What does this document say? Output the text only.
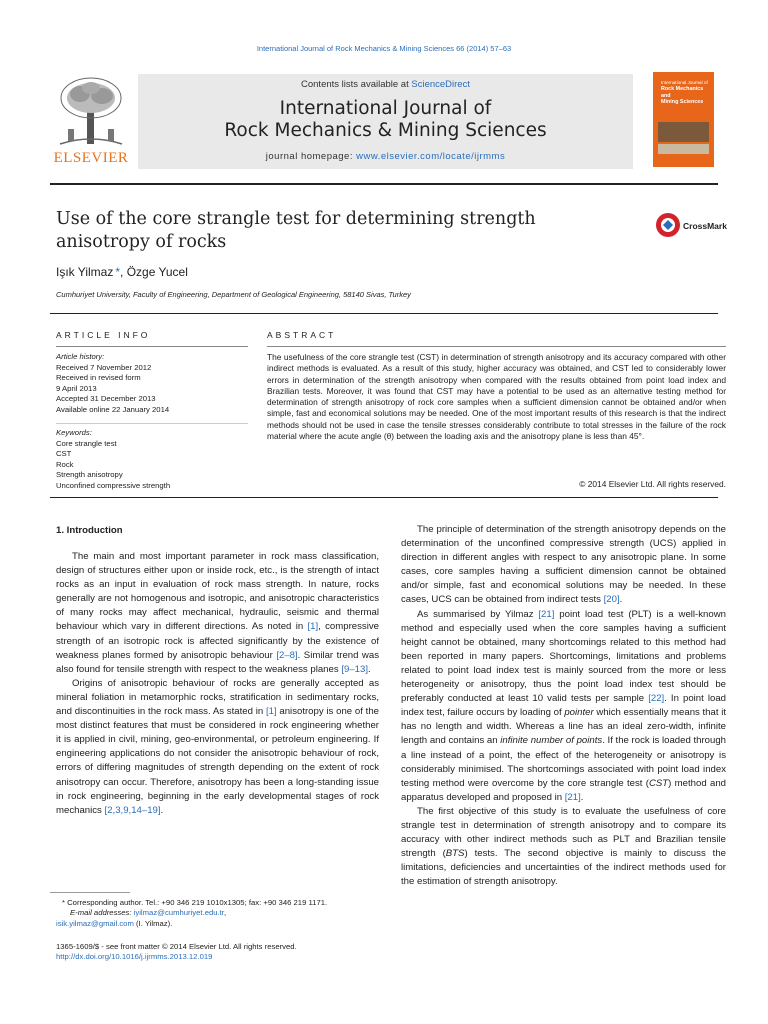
International Journal of Rock Mechanics & Mining Sciences 66 (2014) 57–63
ELSEVIER
Contents lists available at ScienceDirect
International Journal of
Rock Mechanics & Mining Sciences
journal homepage: www.elsevier.com/locate/ijrmms
International Journal of
Rock Mechanics
and
Mining Sciences
Use of the core strangle test for determining strength
anisotropy of rocks
CrossMark
Işık Yilmaz *, Özge Yucel
Cumhuriyet University, Faculty of Engineering, Department of Geological Engineering, 58140 Sivas, Turkey
ARTICLE INFO
Article history:
Received 7 November 2012
Received in revised form
9 April 2013
Accepted 31 December 2013
Available online 22 January 2014
Keywords:
Core strangle test
CST
Rock
Strength anisotropy
Unconfined compressive strength
ABSTRACT
The usefulness of the core strangle test (CST) in determination of strength anisotropy and its accuracy compared with other indirect methods is evaluated. As a result of this study, higher accuracy was obtained, and CST led to considerably lower errors in determination of the strength anisotropy when compared with the results obtained from point load index and Brazilian tests. Moreover, it was found that CST may have a potential to be used as an alternative testing method for determination of strength anisotropy of rock core samples when a sufficient dimension cannot be obtained and/or when simple, fast and economical solutions may be needed. One of the most important results of this research is that the indirect methods should not be used in case the tensile stresses considerably contribute to total stresses in the failure of the rock material where the acute angle (θ) between the loading axis and the anisotropy plane is less than 45°.
© 2014 Elsevier Ltd. All rights reserved.
1. Introduction

The main and most important parameter in rock mass classification, design of structures either upon or inside rock, etc., is the strength of intact rocks as an input in evaluation of rock mass strength. In nature, rocks generally are not homogenous and isotropic, and anisotropic characteristics of many rocks may affect mechanical, hydraulic, seismic and thermal behaviour which vary in different directions. As noted in [1], compressive strength of an isotropic rock is affected significantly by the existence of weakness planes formed by anisotropic behaviour [2–8]. Similar trend was also found for tensile strength with respect to the weakness planes [9–13].

Origins of anisotropic behaviour of rocks are generally accepted as mineral foliation in metamorphic rocks, stratification in sedimentary rocks, and discontinuities in the rock mass. As stated in [1] anisotropy is one of the most distinct features that must be considered in rock engineering whether it is applied in civil, mining, geo-environmental, or petroleum engineering. If engineering applications do not consider the anisotropic behaviour of rock, errors of differing magnitudes of strength depending on the extent of rock anisotropy can occur. Therefore, anisotropy has been a long-standing issue in rock engineering, beginning in the early developmental stages of rock mechanics [2,3,9,14–19].

The principle of determination of the strength anisotropy depends on the determination of the unconfined compressive strength (UCS) applied in direction in different angles with respect to any anisotropic plane. In some cases, core samples having a sufficient dimension cannot be obtained and/or simple, fast and economical solutions may be needed. In these cases, UCS can be obtained from indirect tests [20].

As summarised by Yilmaz [21] point load test (PLT) is a well-known method and especially used when the core samples having a sufficient height cannot be obtained, many shortcomings related to this method had been reported in many papers. Shortcomings, limitations and problems related to point load index test is mainly sourced from the more or less heterogeneity or anisotropy, thus the point load index test should be preferably conducted at least 10 valid tests per sample [22]. In point load index test, failure occurs by loading of pointer which essentially means that it has no length and width. Whereas a line has an ideal zero-width, infinite length and contains an infinite number of points. If the rock is loaded through a line instead of a point, the effect of the heterogeneity or anisotropy is considerably minimised. The shortcomings associated with point load index testing method were overcome by the core strangle test (CST) method and apparatus developed and proposed in [21].

The first objective of this study is to evaluate the usefulness of core strangle test in determination of strength anisotropy and to compare its accuracy with other indirect methods such as PLT and Brazilian tensile strength (BTS) tests. The second objective is mainly to discuss the limitations, deficiencies and uncertainties of the indirect methods used for the estimation of strength anisotropy.

* Corresponding author. Tel.: +90 346 219 1010x1305; fax: +90 346 219 1171.
E-mail addresses: iyilmaz@cumhuriyet.edu.tr,
isik.yilmaz@gmail.com (I. Yilmaz).
1365-1609/$ - see front matter © 2014 Elsevier Ltd. All rights reserved.
http://dx.doi.org/10.1016/j.ijrmms.2013.12.019
